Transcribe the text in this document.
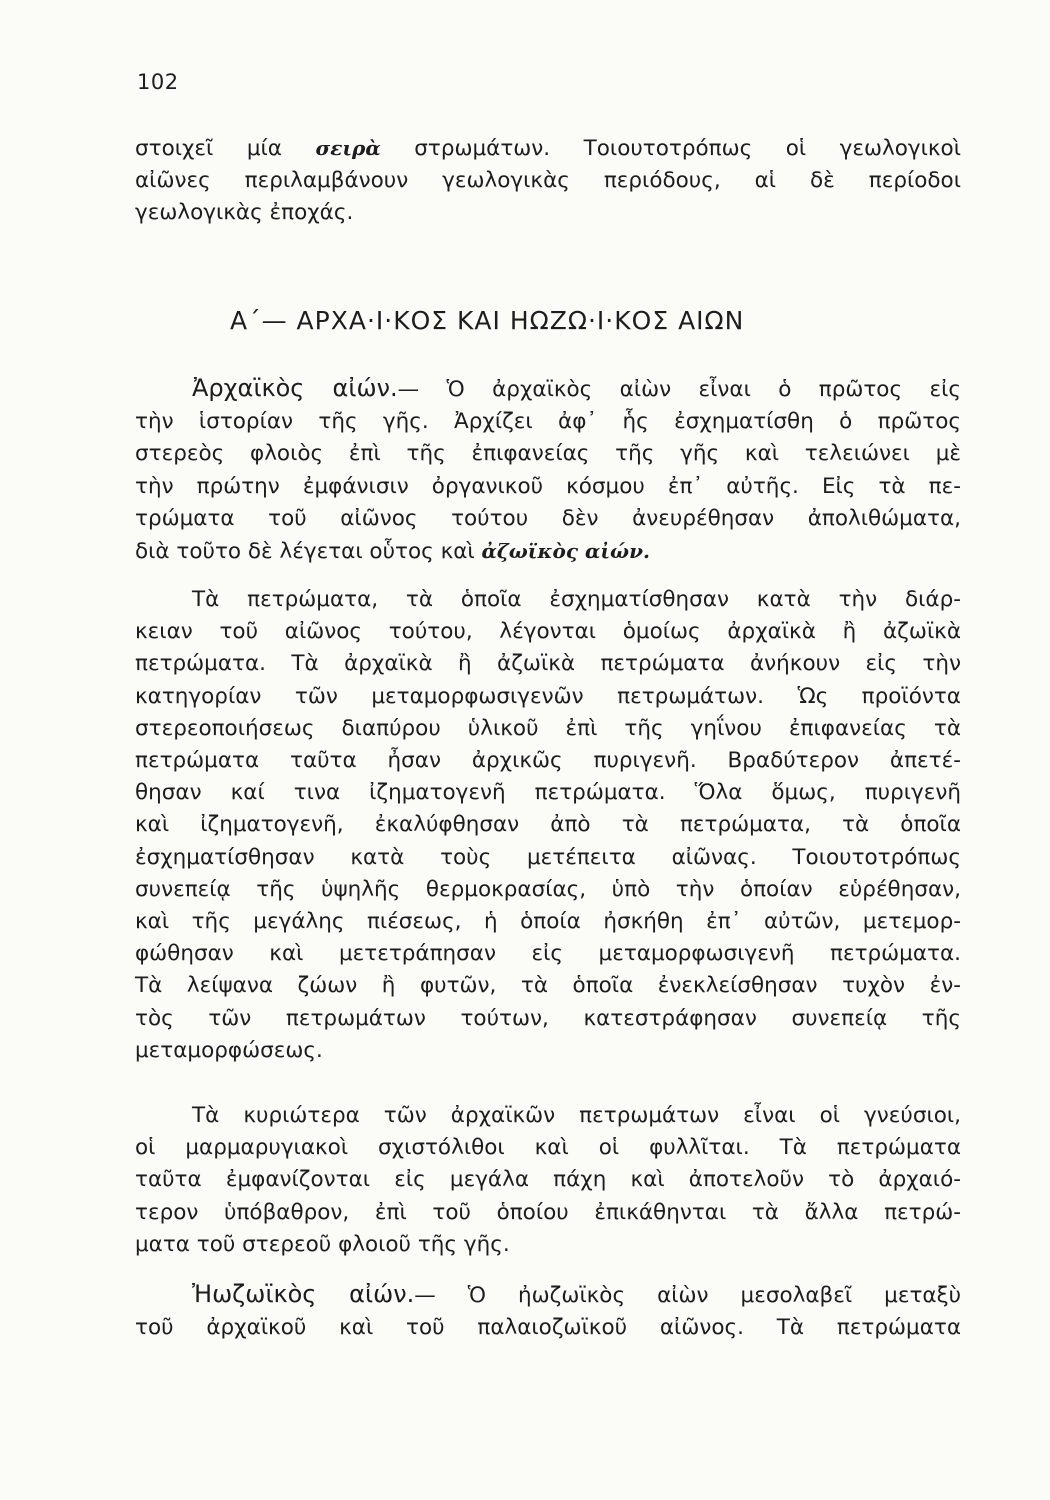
102
στοιχεῖ μία σειρὰ στρωμάτων. Τοιουτοτρόπως οἱ γεωλογικοὶ
αἰῶνες περιλαμβάνουν γεωλογικὰς περιόδους, αἱ δὲ περίοδοι
γεωλογικὰς ἐποχάς.
Α΄— ΑΡΧΑ·Ι·ΚΟΣ ΚΑΙ ΗΩΖΩ·Ι·ΚΟΣ ΑΙΩΝ
Ἀρχαϊκὸς αἰών.— Ὁ ἀρχαϊκὸς αἰὼν εἶναι ὁ πρῶτος εἰς
τὴν ἱστορίαν τῆς γῆς. Ἀρχίζει ἀφ᾽ ἧς ἐσχηματίσθη ὁ πρῶτος
στερεὸς φλοιὸς ἐπὶ τῆς ἐπιφανείας τῆς γῆς καὶ τελειώνει μὲ
τὴν πρώτην ἐμφάνισιν ὀργανικοῦ κόσμου ἐπ᾽ αὐτῆς. Εἰς τὰ πε-
τρώματα τοῦ αἰῶνος τούτου δὲν ἀνευρέθησαν ἀπολιθώματα,
διὰ τοῦτο δὲ λέγεται οὗτος καὶ ἀζωϊκὸς αἰών.
Τὰ πετρώματα, τὰ ὁποῖα ἐσχηματίσθησαν κατὰ τὴν διάρ-
κειαν τοῦ αἰῶνος τούτου, λέγονται ὁμοίως ἀρχαϊκὰ ἢ ἀζωϊκὰ
πετρώματα. Τὰ ἀρχαϊκὰ ἢ ἀζωϊκὰ πετρώματα ἀνήκουν εἰς τὴν
κατηγορίαν τῶν μεταμορφωσιγενῶν πετρωμάτων. Ὡς προϊόντα
στερεοποιήσεως διαπύρου ὑλικοῦ ἐπὶ τῆς γηΐνου ἐπιφανείας τὰ
πετρώματα ταῦτα ἦσαν ἀρχικῶς πυριγενῆ. Βραδύτερον ἀπετέ-
θησαν καί τινα ἰζηματογενῆ πετρώματα. Ὅλα ὅμως, πυριγενῆ
καὶ ἰζηματογενῆ, ἐκαλύφθησαν ἀπὸ τὰ πετρώματα, τὰ ὁποῖα
ἐσχηματίσθησαν κατὰ τοὺς μετέπειτα αἰῶνας. Τοιουτοτρόπως
συνεπείᾳ τῆς ὑψηλῆς θερμοκρασίας, ὑπὸ τὴν ὁποίαν εὑρέθησαν,
καὶ τῆς μεγάλης πιέσεως, ἡ ὁποία ἠσκήθη ἐπ᾽ αὐτῶν, μετεμορ-
φώθησαν καὶ μετετράπησαν εἰς μεταμορφωσιγενῆ πετρώματα.
Τὰ λείψανα ζώων ἢ φυτῶν, τὰ ὁποῖα ἐνεκλείσθησαν τυχὸν ἐν-
τὸς τῶν πετρωμάτων τούτων, κατεστράφησαν συνεπείᾳ τῆς
μεταμορφώσεως.
Τὰ κυριώτερα τῶν ἀρχαϊκῶν πετρωμάτων εἶναι οἱ γνεύσιοι,
οἱ μαρμαρυγιακοὶ σχιστόλιθοι καὶ οἱ φυλλῖται. Τὰ πετρώματα
ταῦτα ἐμφανίζονται εἰς μεγάλα πάχη καὶ ἀποτελοῦν τὸ ἀρχαιό-
τερον ὑπόβαθρον, ἐπὶ τοῦ ὁποίου ἐπικάθηνται τὰ ἄλλα πετρώ-
ματα τοῦ στερεοῦ φλοιοῦ τῆς γῆς.
Ἠωζωϊκὸς αἰών.— Ὁ ἠωζωϊκὸς αἰὼν μεσολαβεῖ μεταξὺ
τοῦ ἀρχαϊκοῦ καὶ τοῦ παλαιοζωϊκοῦ αἰῶνος. Τὰ πετρώματα
